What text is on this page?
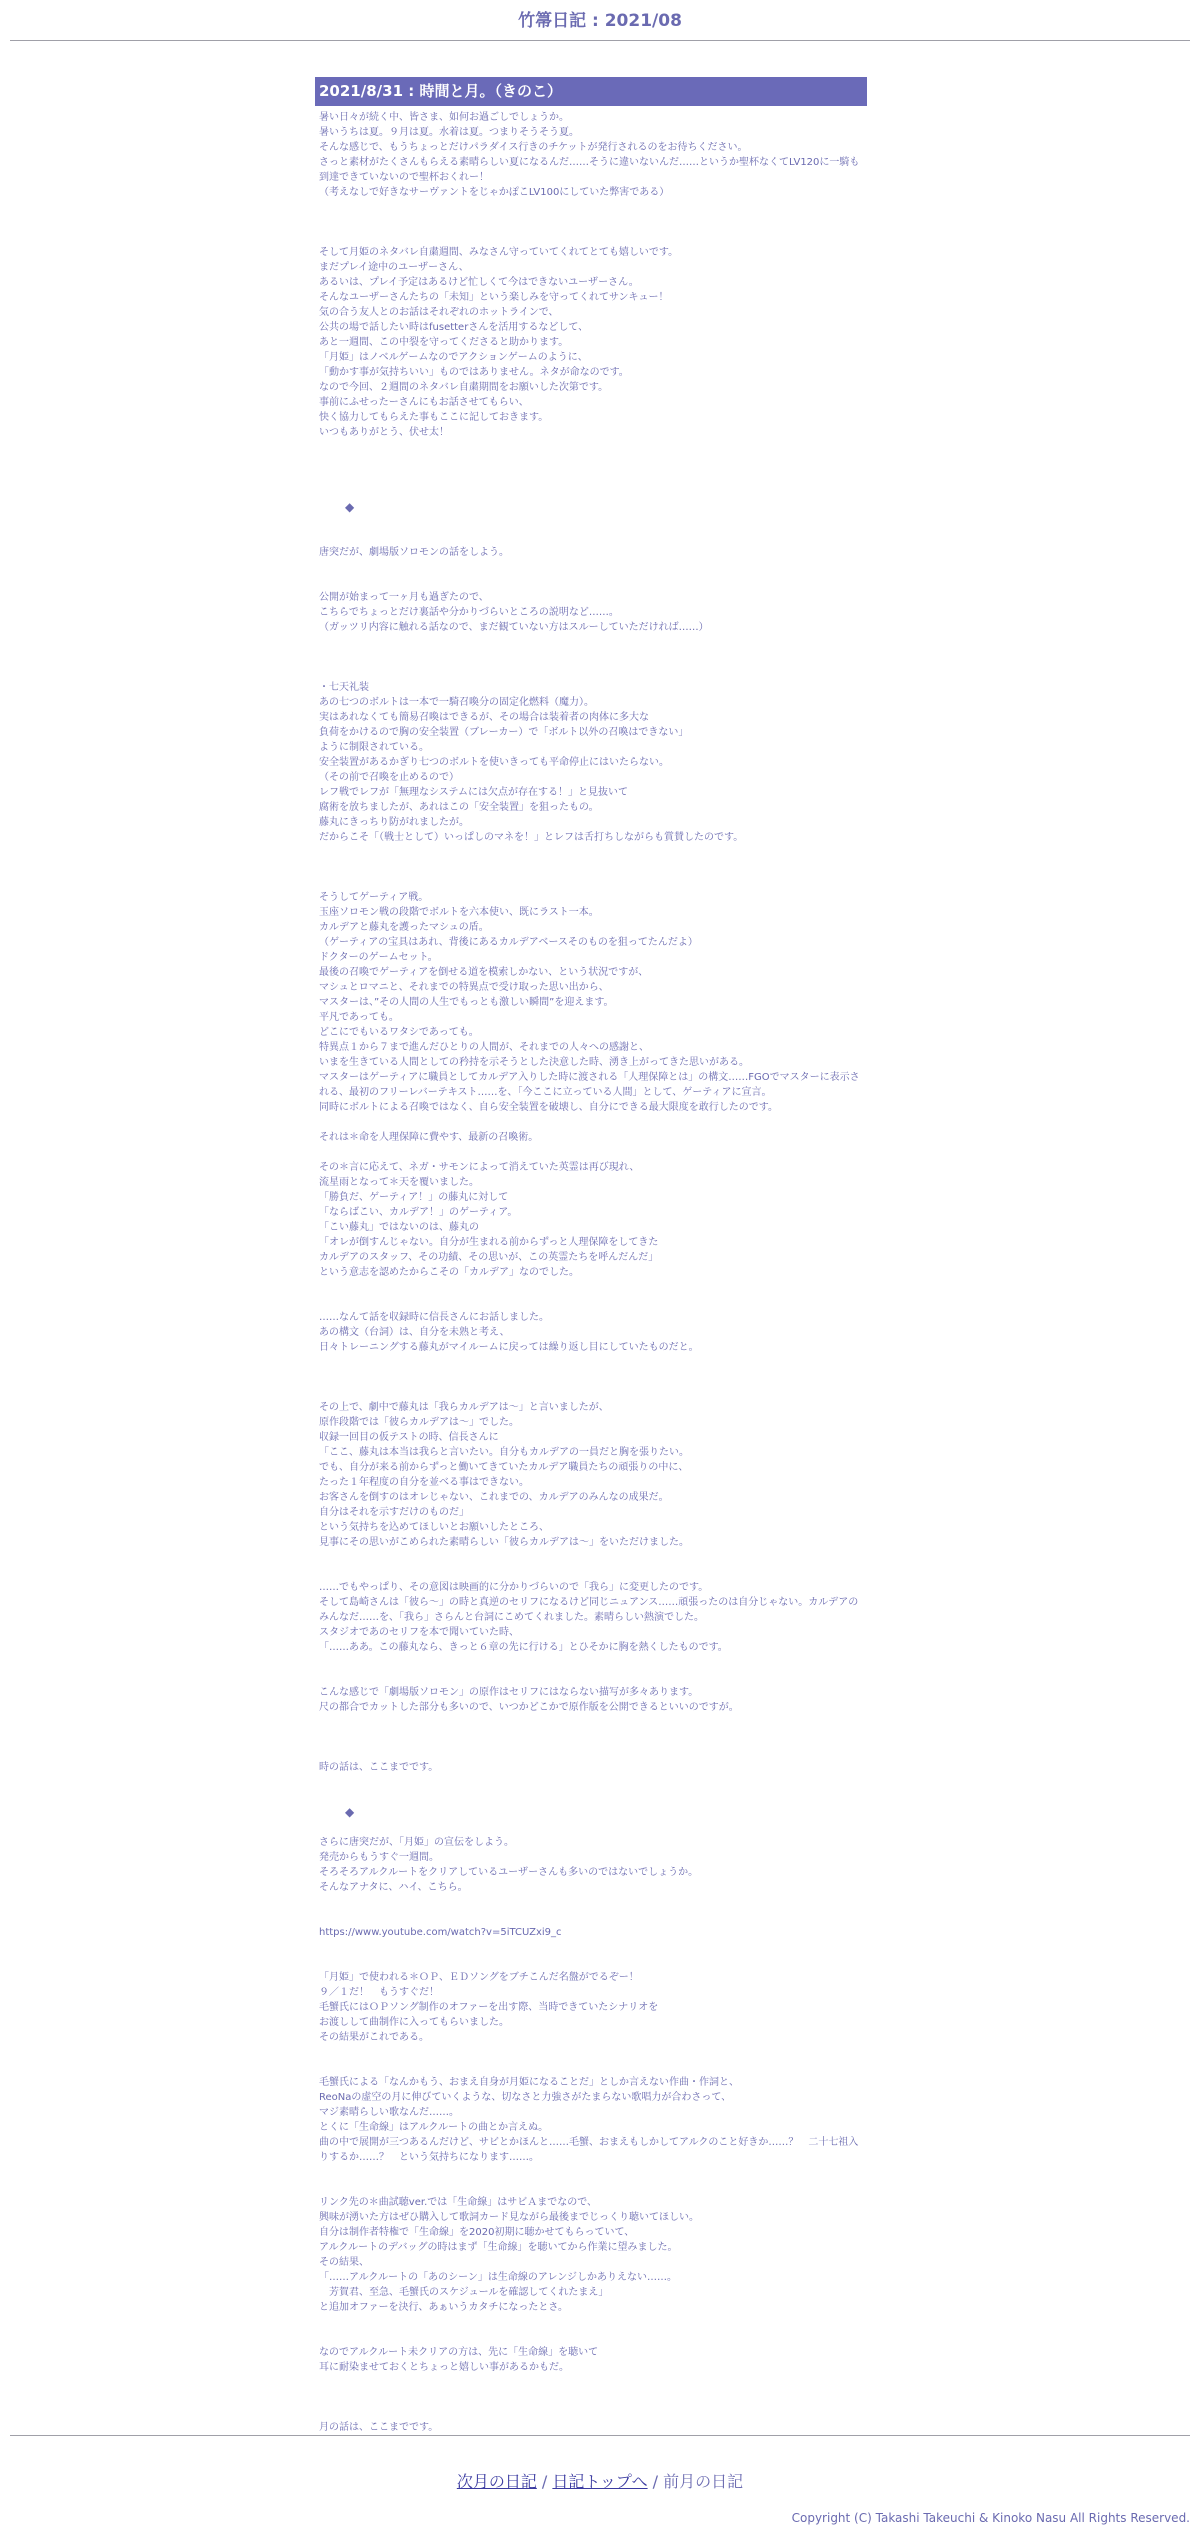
竹箒日記 : 2021/08
2021/8/31 : 時間と月。（きのこ）

暑い日々が続く中、皆さま、如何お過ごしでしょうか。
暑いうちは夏。９月は夏。水着は夏。つまりそうそう夏。
そんな感じで、もうちょっとだけパラダイス行きのチケットが発行されるのをお待ちください。
さっと素材がたくさんもらえる素晴らしい夏になるんだ……そうに違いないんだ……というか聖杯なくてLV120に一騎も到達できていないので聖杯おくれー！
（考えなしで好きなサーヴァントをじゃかぽこLV100にしていた弊害である）

そして月姫のネタバレ自粛週間、みなさん守っていてくれてとても嬉しいです。
まだプレイ途中のユーザーさん、
あるいは、プレイ予定はあるけど忙しくて今はできないユーザーさん。
そんなユーザーさんたちの「未知」という楽しみを守ってくれてサンキュー！
気の合う友人とのお話はそれぞれのホットラインで、
公共の場で話したい時はfusetterさんを活用するなどして、
あと一週間、この中裂を守ってくださると助かります。
「月姫」はノベルゲームなのでアクションゲームのように、
「動かす事が気持ちいい」ものではありません。ネタが命なのです。
なので今回、２週間のネタバレ自粛期間をお願いした次第です。
事前にふせったーさんにもお話させてもらい、
快く協力してもらえた事もここに記しておきます。
いつもありがとう、伏せ太！

◆

唐突だが、劇場版ソロモンの話をしよう。

公開が始まって一ヶ月も過ぎたので、
こちらでちょっとだけ裏話や分かりづらいところの説明など……。
（ガッツリ内容に触れる話なので、まだ観ていない方はスルーしていただければ……）

・七天礼装
あの七つのボルトは一本で一騎召喚分の固定化燃料（魔力）。
実はあれなくても簡易召喚はできるが、その場合は装着者の肉体に多大な
負荷をかけるので胸の安全装置（ブレーカー）で「ボルト以外の召喚はできない」
ように制限されている。
安全装置があるかぎり七つのボルトを使いきっても平命停止にはいたらない。
（その前で召喚を止めるので）
レフ戦でレフが「無理なシステムには欠点が存在する！」と見抜いて
腐術を放ちましたが、あれはこの「安全装置」を狙ったもの。
藤丸にきっちり防がれましたが。
だからこそ「（戦士として）いっぱしのマネを！」とレフは舌打ちしながらも賞賛したのです。

そうしてゲーティア戦。
玉座ソロモン戦の段階でボルトを六本使い、既にラスト一本。
カルデアと藤丸を護ったマシュの盾。
（ゲーティアの宝具はあれ、背後にあるカルデアベースそのものを狙ってたんだよ）
ドクターのゲームセット。
最後の召喚でゲーティアを倒せる道を模索しかない、という状況ですが、
マシュとロマニと、それまでの特異点で受け取った思い出から、
マスターは、”その人間の人生でもっとも激しい瞬間”を迎えます。
平凡であっても。
どこにでもいるワタシであっても。
特異点１から７まで進んだひとりの人間が、それまでの人々への感謝と、
いまを生きている人間としての矜持を示そうとした決意した時、湧き上がってきた思いがある。
マスターはゲーティアに職員としてカルデア入りした時に渡される「人理保障とは」の構文……FGOでマスターに表示される、最初のフリーレバーテキスト……を、「今ここに立っている人間」として、ゲーティアに宣言。
同時にボルトによる召喚ではなく、自ら安全装置を破壊し、自分にできる最大限度を敢行したのです。

それは＊命を人理保障に費やす、最新の召喚術。

その＊言に応えて、ネガ・サモンによって消えていた英霊は再び現れ、
流星雨となって＊天を覆いました。
「勝負だ、ゲーティア！」の藤丸に対して
「ならばこい、カルデア！」のゲーティア。
「こい藤丸」ではないのは、藤丸の
「オレが倒すんじゃない。自分が生まれる前からずっと人理保障をしてきた
カルデアのスタッフ、その功績、その思いが、この英霊たちを呼んだんだ」
という意志を認めたからこその「カルデア」なのでした。

……なんて話を収録時に信長さんにお話しました。
あの構文（台詞）は、自分を未熟と考え、
日々トレーニングする藤丸がマイルームに戻っては繰り返し目にしていたものだと。

その上で、劇中で藤丸は「我らカルデアは～」と言いましたが、
原作段階では「彼らカルデアは～」でした。
収録一回目の仮テストの時、信長さんに
「ここ、藤丸は本当は我らと言いたい。自分もカルデアの一員だと胸を張りたい。
でも、自分が来る前からずっと働いてきていたカルデア職員たちの頑張りの中に、
たった１年程度の自分を並べる事はできない。
お客さんを倒すのはオレじゃない、これまでの、カルデアのみんなの成果だ。
自分はそれを示すだけのものだ」
という気持ちを込めてほしいとお願いしたところ、
見事にその思いがこめられた素晴らしい「彼らカルデアは～」をいただけました。

……でもやっぱり、その意図は映画的に分かりづらいので「我ら」に変更したのです。
そして島崎さんは「彼ら～」の時と真逆のセリフになるけど同じニュアンス……頑張ったのは自分じゃない。カルデアのみんなだ……を、「我ら」さらんと台詞にこめてくれました。素晴らしい熱演でした。
スタジオであのセリフを本で聞いていた時、
「……ああ。この藤丸なら、きっと６章の先に行ける」とひそかに胸を熱くしたものです。

こんな感じで「劇場版ソロモン」の原作はセリフにはならない描写が多々あります。
尺の都合でカットした部分も多いので、いつかどこかで原作版を公開できるといいのですが。

時の話は、ここまでです。

◆

さらに唐突だが、「月姫」の宣伝をしよう。
発売からもうすぐ一週間。
そろそろアルクルートをクリアしているユーザーさんも多いのではないでしょうか。
そんなアナタに、ハイ、こちら。

https://www.youtube.com/watch?v=5iTCUZxi9_c

「月姫」で使われる＊ＯＰ、ＥＤソングをブチこんだ名盤がでるぞー！
９／１だ！　もうすぐだ！
毛蟹氏にはＯＰソング制作のオファーを出す際、当時できていたシナリオを
お渡しして曲制作に入ってもらいました。
その結果がこれである。

毛蟹氏による「なんかもう、おまえ自身が月姫になることだ」としか言えない作曲・作詞と、
ReoNaの虚空の月に伸びていくような、切なさと力強さがたまらない歌唱力が合わさって、
マジ素晴らしい歌なんだ……。
とくに「生命線」はアルクルートの曲とか言えぬ。
曲の中で展開が三つあるんだけど、サビとかほんと……毛蟹、おまえもしかしてアルクのこと好きか……？　二十七祖入りするか……？　という気持ちになります……。

リンク先の＊曲試聴ver.では「生命線」はサビＡまでなので、
興味が湧いた方はぜひ購入して歌詞カード見ながら最後までじっくり聴いてほしい。
自分は制作者特権で「生命線」を2020初期に聴かせてもらっていて、
アルクルートのデバッグの時はまず「生命線」を聴いてから作業に望みました。
その結果、
「……アルクルートの「あのシーン」は生命線のアレンジしかありえない……。
　芳賀君、至急、毛蟹氏のスケジュールを確認してくれたまえ」
と追加オファーを決行、あぁいうカタチになったとさ。

なのでアルクルート未クリアの方は、先に「生命線」を聴いて
耳に耐染ませておくとちょっと嬉しい事があるかもだ。

月の話は、ここまでです。

次月の日記 / 日記トップへ / 前月の日記
Copyright (C) Takashi Takeuchi & Kinoko Nasu All Rights Reserved.
